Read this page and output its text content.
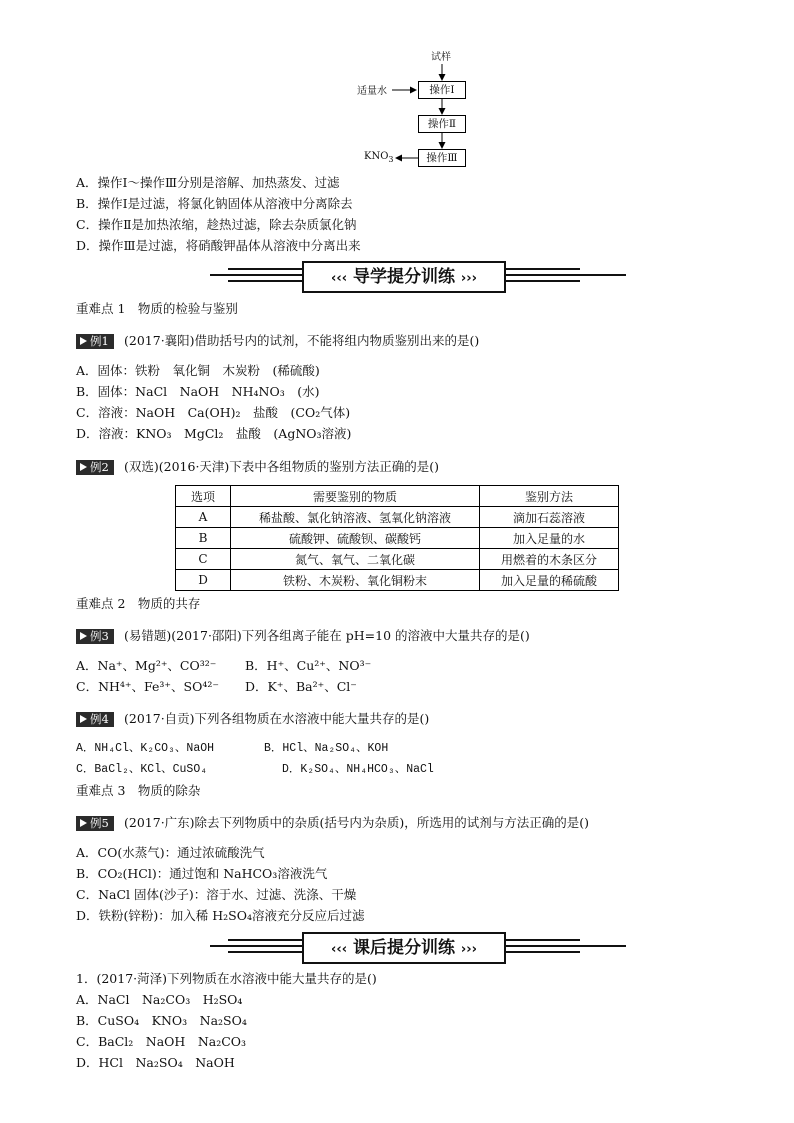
试样
适量水	操作Ⅰ
操作Ⅱ
操作Ⅲ
$KNO_3$
A．操作Ⅰ～操作Ⅲ分别是溶解、加热蒸发、过滤
B．操作Ⅰ是过滤，将氯化钠固体从溶液中分离除去
C．操作Ⅱ是加热浓缩，趁热过滤，除去杂质氯化钠
D．操作Ⅲ是过滤，将硝酸钾晶体从溶液中分离出来
‹‹‹ 导学提分训练 ›››
重难点 1　物质的检验与鉴别
例1 (2017·襄阳)借助括号内的试剂，不能将组内物质鉴别出来的是()
A．固体：铁粉　氧化铜　木炭粉　(稀硫酸)
B．固体：NaCl　NaOH　NH₄NO₃　(水)
C．溶液：NaOH　Ca(OH)₂　盐酸　(CO₂气体)
D．溶液：KNO₃　MgCl₂　盐酸　(AgNO₃溶液)
例2 (双选)(2016·天津)下表中各组物质的鉴别方法正确的是()
选项	需要鉴别的物质	鉴别方法
A	稀盐酸、氯化钠溶液、氢氧化钠溶液	滴加石蕊溶液
B	硫酸钾、硫酸钡、碳酸钙	加入足量的水
C	氮气、氧气、二氧化碳	用燃着的木条区分
D	铁粉、木炭粉、氧化铜粉末	加入足量的稀硫酸
重难点 2　物质的共存
例3 (易错题)(2017·邵阳)下列各组离子能在 pH=10 的溶液中大量共存的是()
A．Na⁺、Mg²⁺、CO³²⁻ B．H⁺、Cu²⁺、NO³⁻
C．NH⁴⁺、Fe³⁺、SO⁴²⁻ D．K⁺、Ba²⁺、Cl⁻
例4 (2017·自贡)下列各组物质在水溶液中能大量共存的是()
A．NH₄Cl、K₂CO₃、NaOH	B．HCl、Na₂SO₄、KOH
C．BaCl₂、KCl、CuSO₄	D．K₂SO₄、NH₄HCO₃、NaCl
重难点 3　物质的除杂
例5 (2017·广东)除去下列物质中的杂质(括号内为杂质)，所选用的试剂与方法正确的是()
A．CO(水蒸气)：通过浓硫酸洗气
B．CO₂(HCl)：通过饱和 NaHCO₃溶液洗气
C．NaCl 固体(沙子)：溶于水、过滤、洗涤、干燥
D．铁粉(锌粉)：加入稀 H₂SO₄溶液充分反应后过滤
‹‹‹ 课后提分训练 ›››
1．(2017·菏泽)下列物质在水溶液中能大量共存的是()
A．NaCl　Na₂CO₃　H₂SO₄
B．CuSO₄　KNO₃　Na₂SO₄
C．BaCl₂　NaOH　Na₂CO₃
D．HCl　Na₂SO₄　NaOH
